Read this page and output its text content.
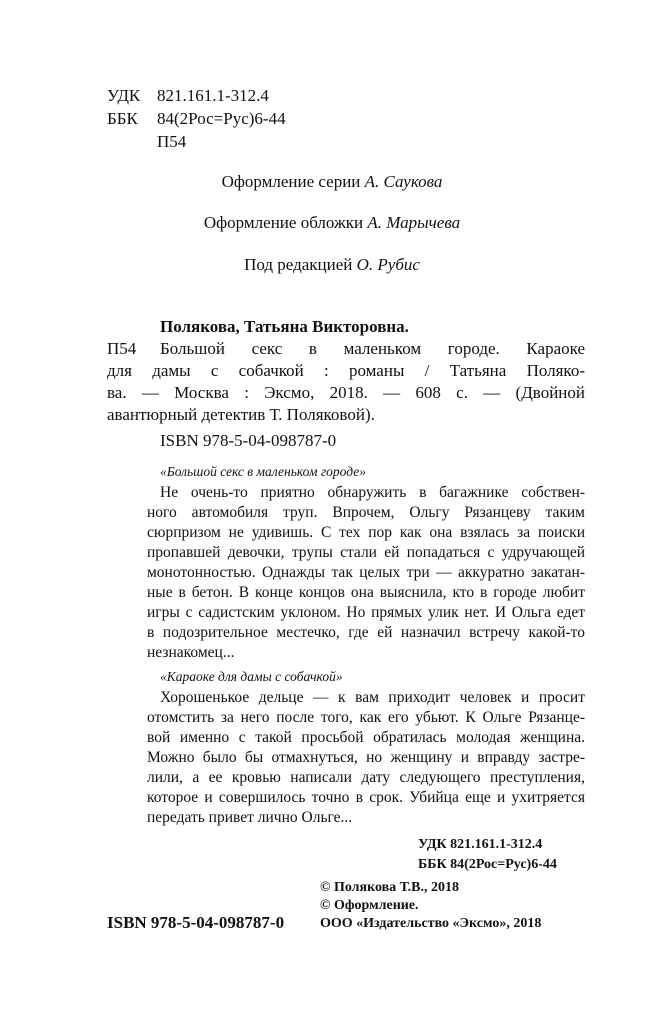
УДК 821.161.1-312.4
ББК	84(2Рос=Рус)6-44
П54
Оформление серии А. Саукова
Оформление обложки А. Марычева
Под редакцией О. Рубис
Полякова, Татьяна Викторовна.
П54 Большой секс в маленьком городе. Караоке
для дамы с собачкой : романы / Татьяна Поляко-
ва. — Москва : Эксмо, 2018. — 608 с. — (Двойной
авантюрный детектив Т. Поляковой).
ISBN 978-5-04-098787-0
«Большой секс в маленьком городе»
Не очень-то приятно обнаружить в багажнике собствен-
ного автомобиля труп. Впрочем, Ольгу Рязанцеву таким
сюрпризом не удивишь. С тех пор как она взялась за поиски
пропавшей девочки, трупы стали ей попадаться с удручающей
монотонностью. Однажды так целых три — аккуратно закатан-
ные в бетон. В конце концов она выяснила, кто в городе любит
игры с садистским уклоном. Но прямых улик нет. И Ольга едет
в подозрительное местечко, где ей назначил встречу какой-то
незнакомец...
«Караоке для дамы с собачкой»
Хорошенькое дельце — к вам приходит человек и просит
отомстить за него после того, как его убьют. К Ольге Рязанце-
вой именно с такой просьбой обратилась молодая женщина.
Можно было бы отмахнуться, но женщину и вправду застре-
лили, а ее кровью написали дату следующего преступления,
которое и совершилось точно в срок. Убийца еще и ухитряется
передать привет лично Ольге...
УДК 821.161.1-312.4
ББК 84(2Рос=Рус)6-44
© Полякова Т.В., 2018
© Оформление.
ISBN 978-5-04-098787-0	ООО «Издательство «Эксмо», 2018
